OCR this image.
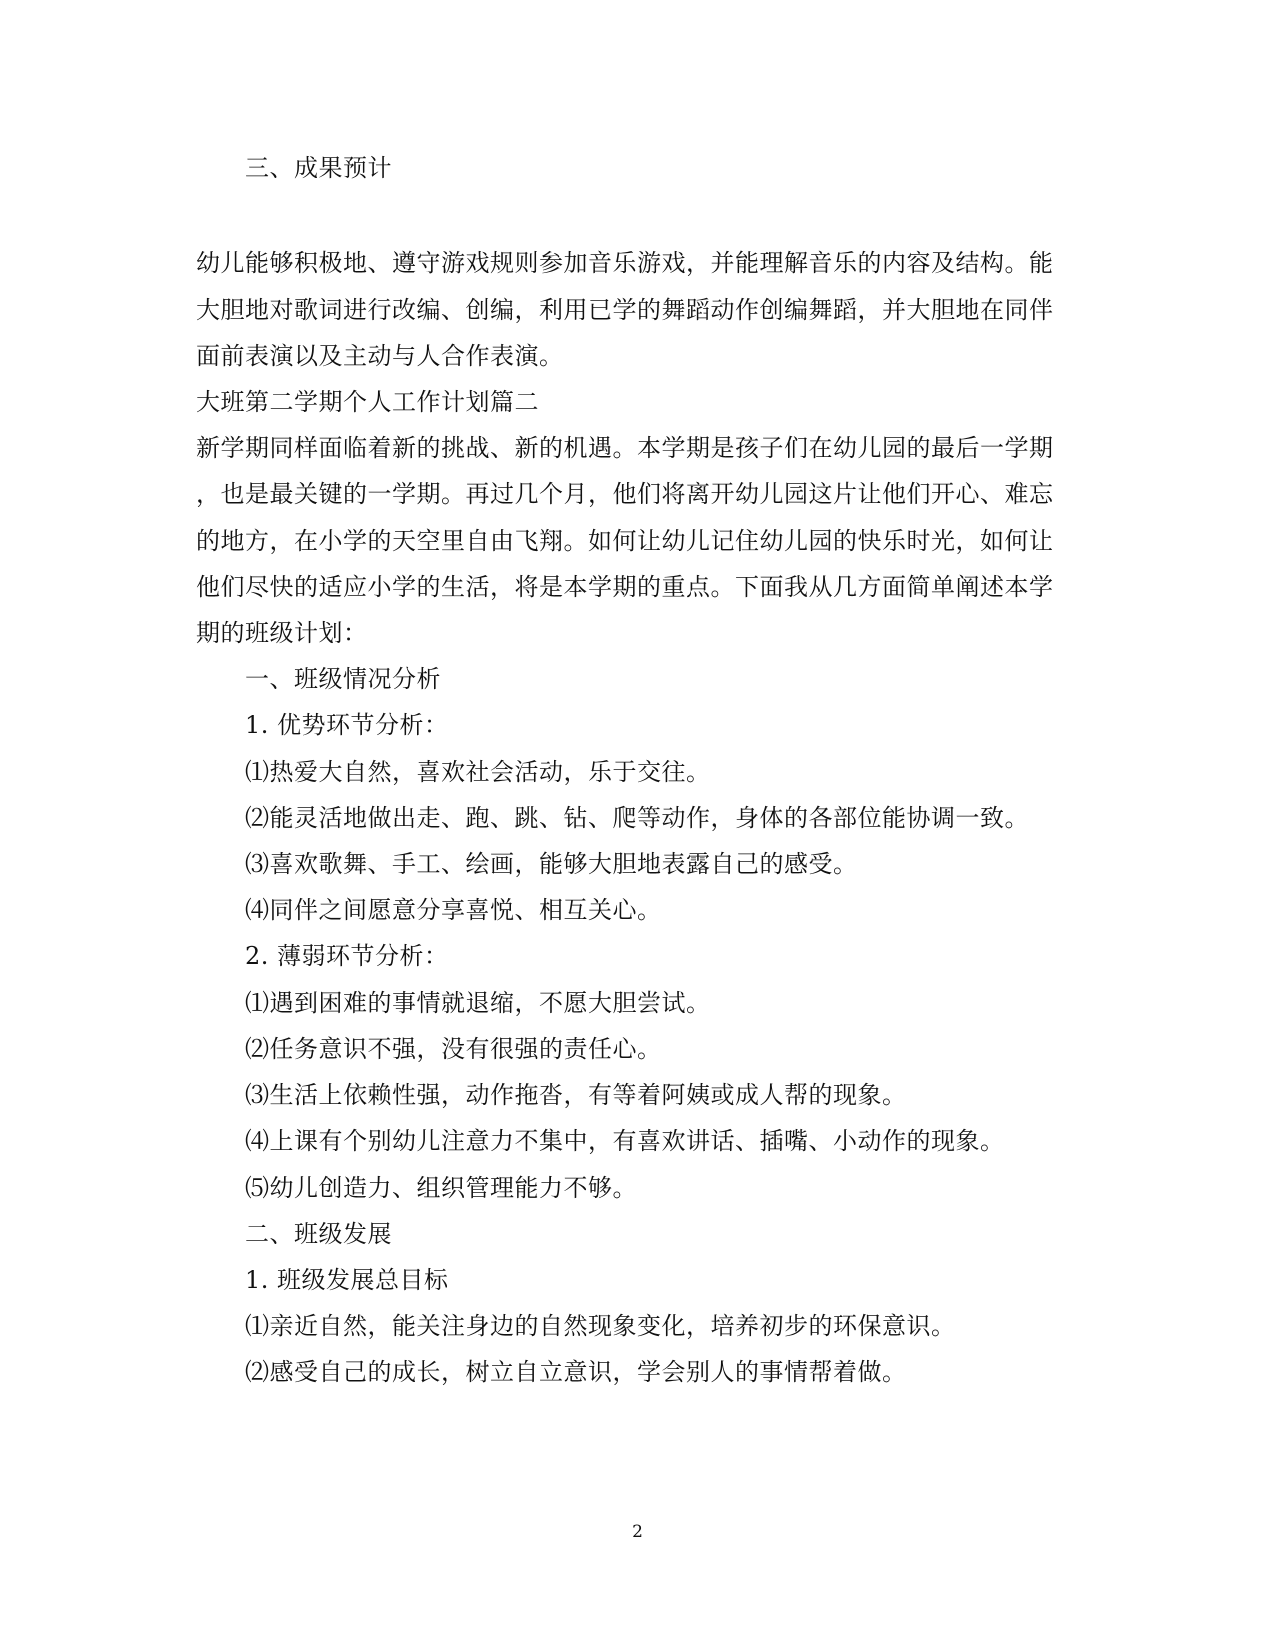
三、成果预计
幼儿能够积极地、遵守游戏规则参加音乐游戏，并能理解音乐的内容及结构。能
大胆地对歌词进行改编、创编，利用已学的舞蹈动作创编舞蹈，并大胆地在同伴
面前表演以及主动与人合作表演。
大班第二学期个人工作计划篇二
新学期同样面临着新的挑战、新的机遇。本学期是孩子们在幼儿园的最后一学期
，也是最关键的一学期。再过几个月，他们将离开幼儿园这片让他们开心、难忘
的地方，在小学的天空里自由飞翔。如何让幼儿记住幼儿园的快乐时光，如何让
他们尽快的适应小学的生活，将是本学期的重点。下面我从几方面简单阐述本学
期的班级计划：
一、班级情况分析
1. 优势环节分析：
⑴热爱大自然，喜欢社会活动，乐于交往。
⑵能灵活地做出走、跑、跳、钻、爬等动作，身体的各部位能协调一致。
⑶喜欢歌舞、手工、绘画，能够大胆地表露自己的感受。
⑷同伴之间愿意分享喜悦、相互关心。
2. 薄弱环节分析：
⑴遇到困难的事情就退缩，不愿大胆尝试。
⑵任务意识不强，没有很强的责任心。
⑶生活上依赖性强，动作拖沓，有等着阿姨或成人帮的现象。
⑷上课有个别幼儿注意力不集中，有喜欢讲话、插嘴、小动作的现象。
⑸幼儿创造力、组织管理能力不够。
二、班级发展
1. 班级发展总目标
⑴亲近自然，能关注身边的自然现象变化，培养初步的环保意识。
⑵感受自己的成长，树立自立意识，学会别人的事情帮着做。
2
